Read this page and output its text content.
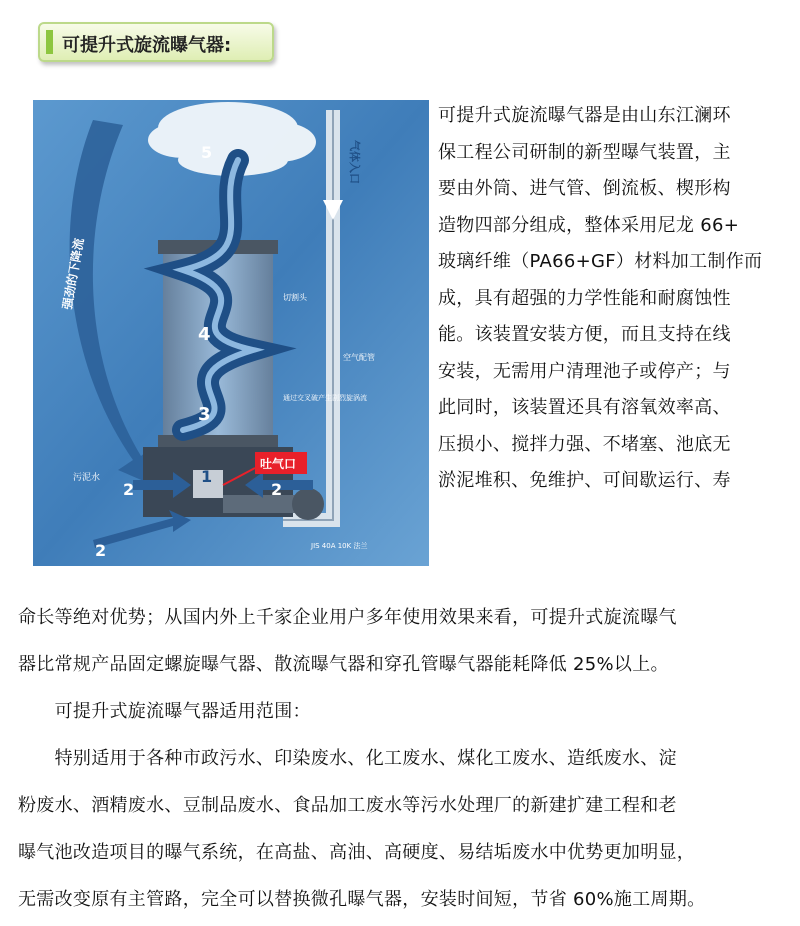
可提升式旋流曝气器:
5
4
3
1
2	2
2
吐气口
污泥水
切割头
空气配管
通过交叉破产生剧烈旋涡流
JIS 40A 10K 法兰
强劲的下降流
气体入口
可提升式旋流曝气器是由山东江澜环
保工程公司研制的新型曝气装置，主
要由外筒、进气管、倒流板、楔形构
造物四部分组成，整体采用尼龙 66+
玻璃纤维（PA66+GF）材料加工制作而
成，具有超强的力学性能和耐腐蚀性
能。该装置安装方便，而且支持在线
安装，无需用户清理池子或停产；与
此同时，该装置还具有溶氧效率高、
压损小、搅拌力强、不堵塞、池底无
淤泥堆积、免维护、可间歇运行、寿
命长等绝对优势；从国内外上千家企业用户多年使用效果来看，可提升式旋流曝气
器比常规产品固定螺旋曝气器、散流曝气器和穿孔管曝气器能耗降低 25%以上。
　　可提升式旋流曝气器适用范围：
　　特别适用于各种市政污水、印染废水、化工废水、煤化工废水、造纸废水、淀
粉废水、酒精废水、豆制品废水、食品加工废水等污水处理厂的新建扩建工程和老
曝气池改造项目的曝气系统，在高盐、高油、高硬度、易结垢废水中优势更加明显，
无需改变原有主管路，完全可以替换微孔曝气器，安装时间短，节省 60%施工周期。
